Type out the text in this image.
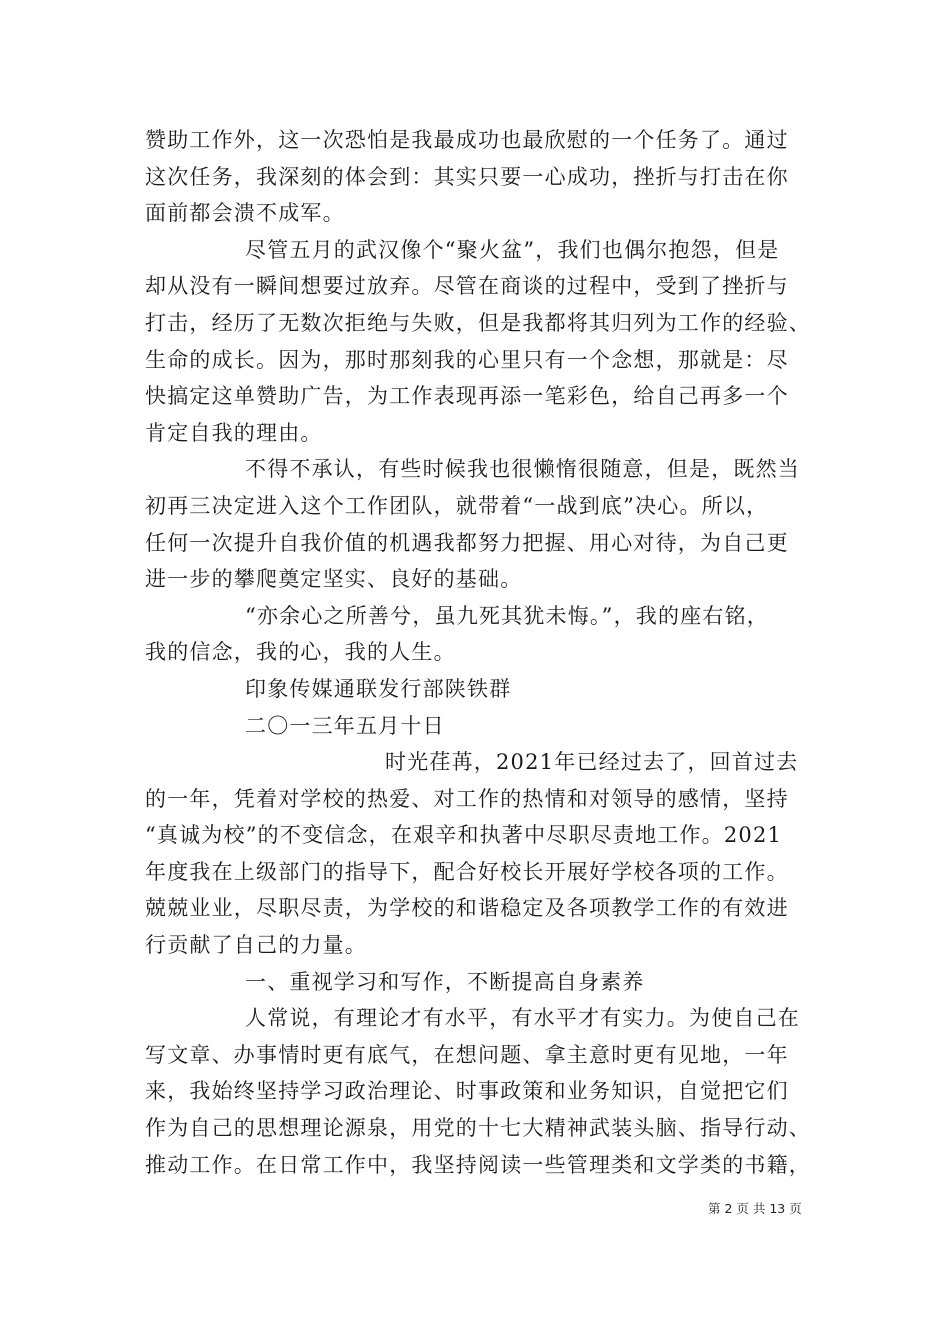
赞助工作外，这一次恐怕是我最成功也最欣慰的一个任务了。通过
这次任务，我深刻的体会到：其实只要一心成功，挫折与打击在你
面前都会溃不成军。
尽管五月的武汉像个“聚火盆”，我们也偶尔抱怨，但是
却从没有一瞬间想要过放弃。尽管在商谈的过程中，受到了挫折与
打击，经历了无数次拒绝与失败，但是我都将其归列为工作的经验、
生命的成长。因为，那时那刻我的心里只有一个念想，那就是：尽
快搞定这单赞助广告，为工作表现再添一笔彩色，给自己再多一个
肯定自我的理由。
不得不承认，有些时候我也很懒惰很随意，但是，既然当
初再三决定进入这个工作团队，就带着“一战到底”决心。所以，
任何一次提升自我价值的机遇我都努力把握、用心对待，为自己更
进一步的攀爬奠定坚实、良好的基础。
“亦余心之所善兮，虽九死其犹未悔。”，我的座右铭，
我的信念，我的心，我的人生。
印象传媒通联发行部陕铁群
二〇一三年五月十日
时光荏苒，2021年已经过去了，回首过去
的一年，凭着对学校的热爱、对工作的热情和对领导的感情，坚持
“真诚为校”的不变信念，在艰辛和执著中尽职尽责地工作。2021
年度我在上级部门的指导下，配合好校长开展好学校各项的工作。
兢兢业业，尽职尽责，为学校的和谐稳定及各项教学工作的有效进
行贡献了自己的力量。
一、重视学习和写作，不断提高自身素养
人常说，有理论才有水平，有水平才有实力。为使自己在
写文章、办事情时更有底气，在想问题、拿主意时更有见地，一年
来，我始终坚持学习政治理论、时事政策和业务知识，自觉把它们
作为自己的思想理论源泉，用党的十七大精神武装头脑、指导行动、
推动工作。在日常工作中，我坚持阅读一些管理类和文学类的书籍，
第 2 页 共 13 页
